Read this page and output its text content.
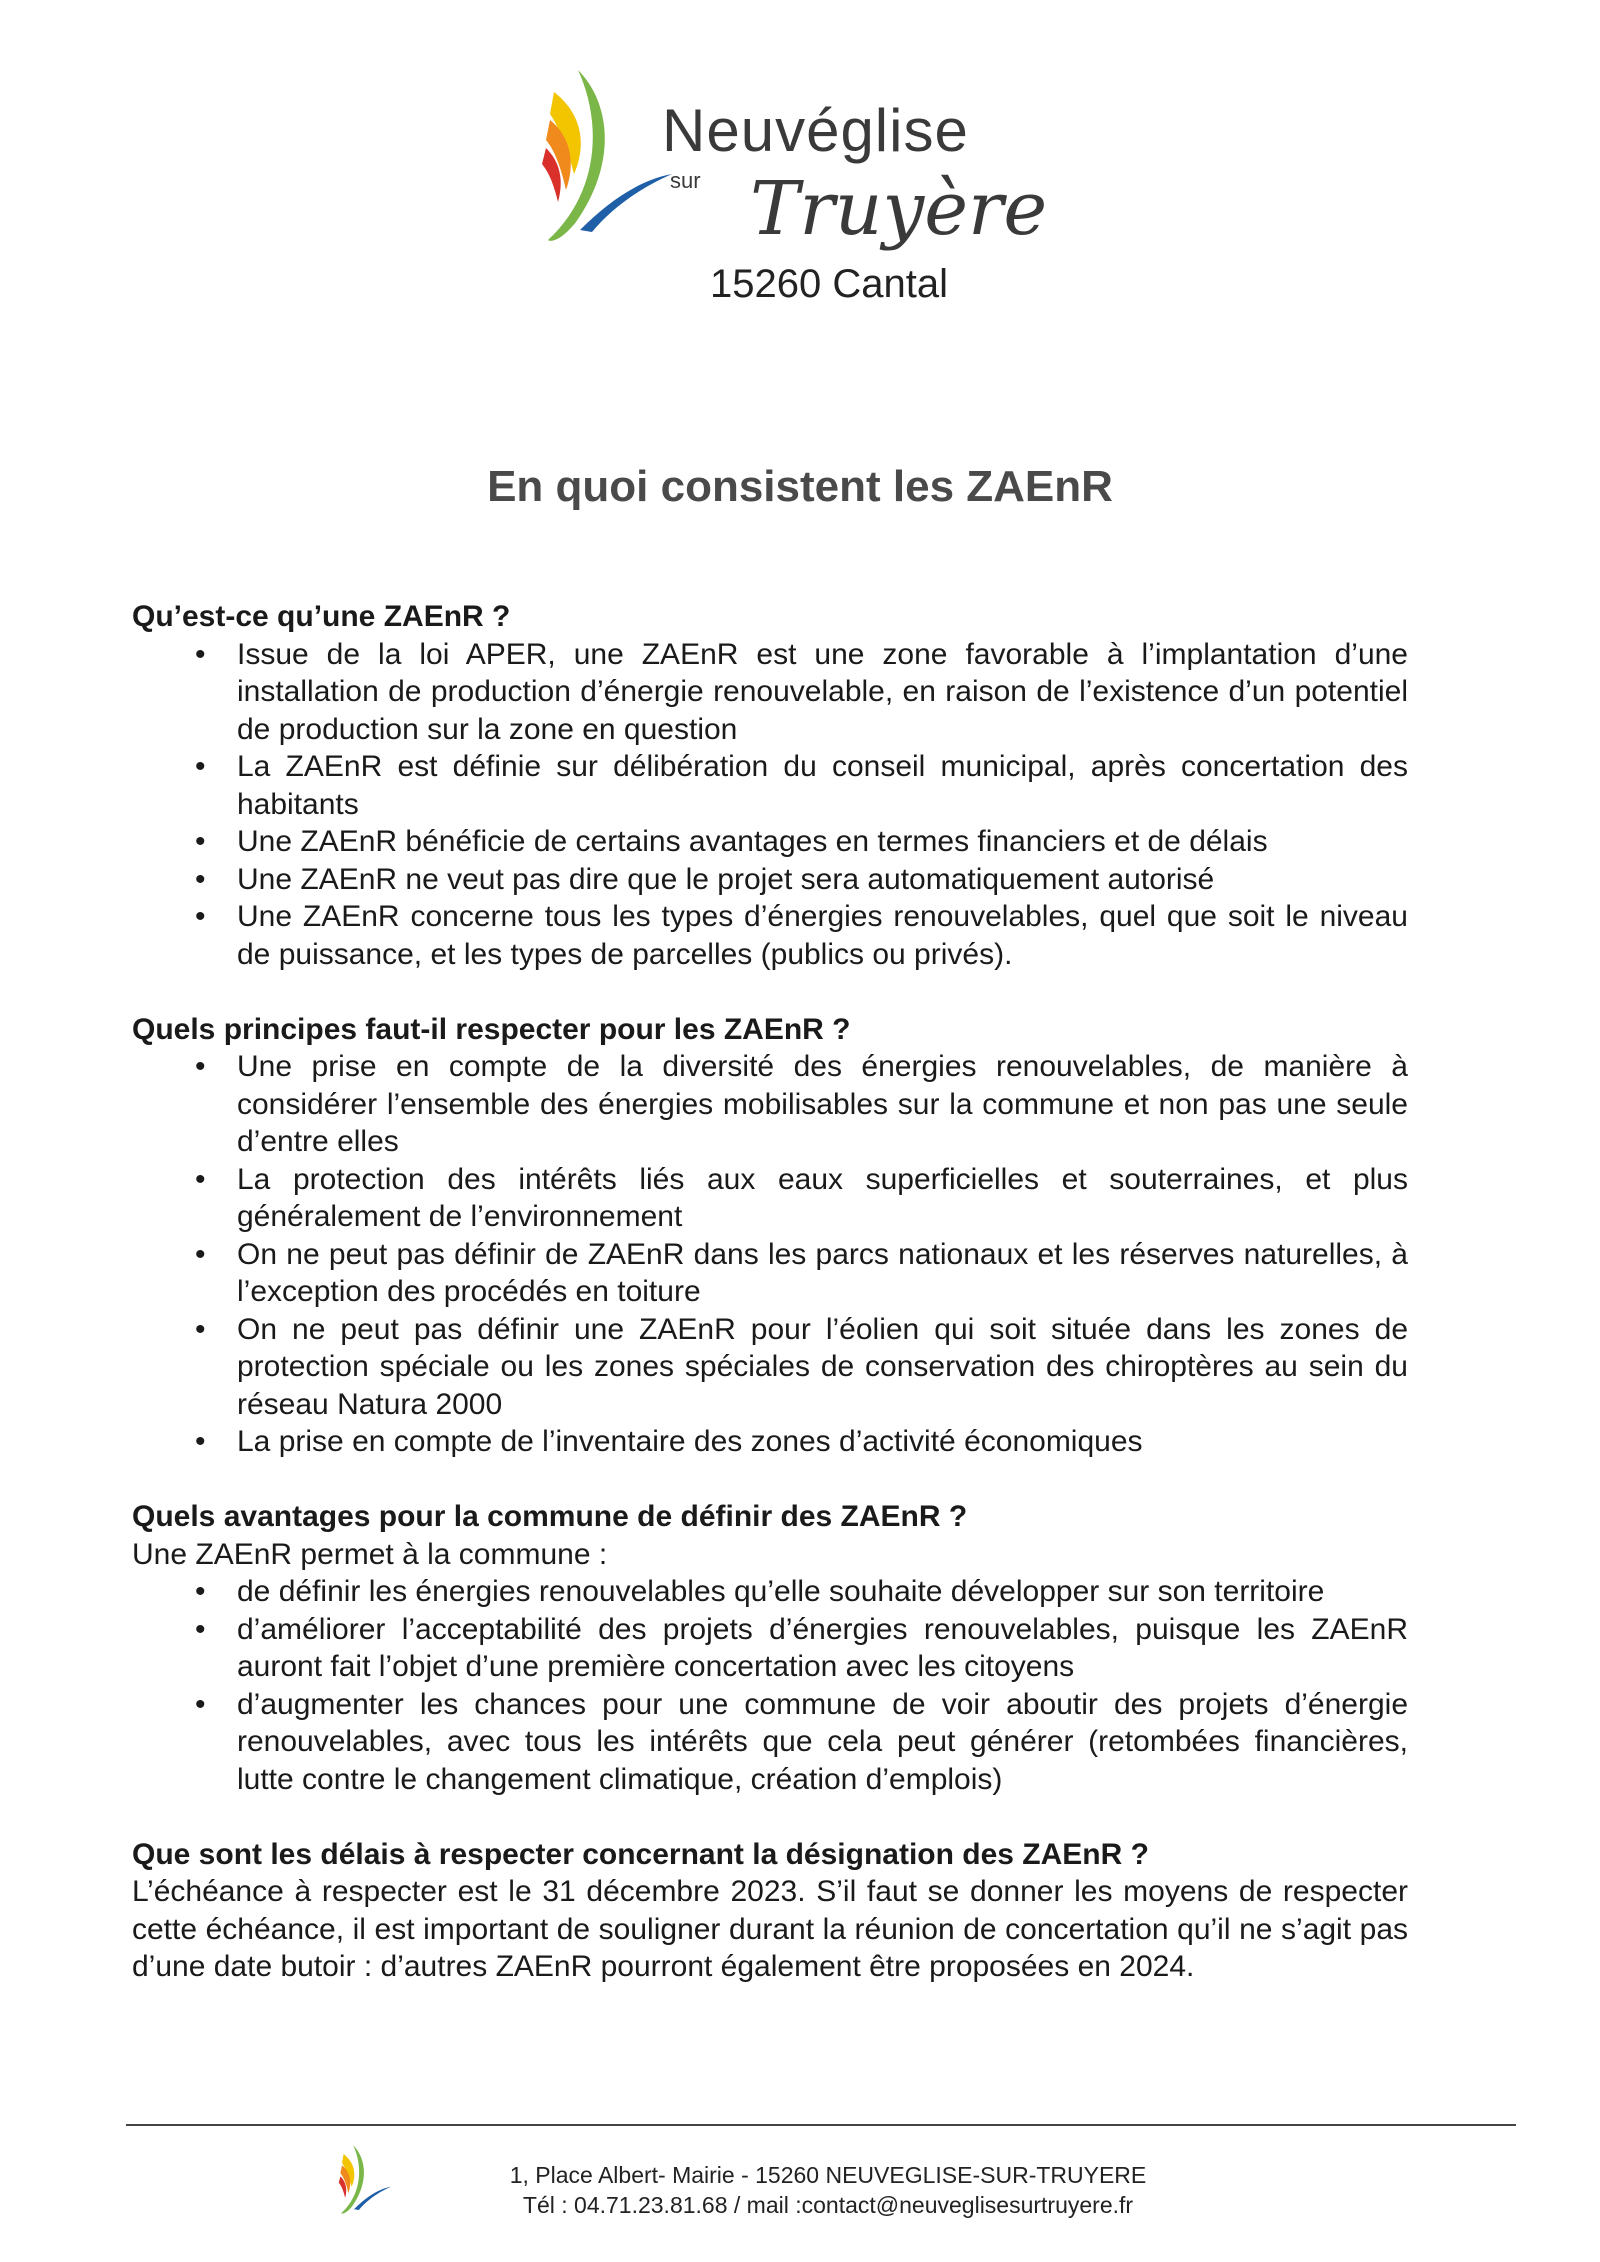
Neuvéglise
sur Truyère
15260 Cantal
En quoi consistent les ZAEnR
Qu’est-ce qu’une ZAEnR ?
• Issue de la loi APER, une ZAEnR est une zone favorable à l’implantation d’une installation de production d’énergie renouvelable, en raison de l’existence d’un potentiel de production sur la zone en question
• La ZAEnR est définie sur délibération du conseil municipal, après concertation des habitants
• Une ZAEnR bénéficie de certains avantages en termes financiers et de délais
• Une ZAEnR ne veut pas dire que le projet sera automatiquement autorisé
• Une ZAEnR concerne tous les types d’énergies renouvelables, quel que soit le niveau de puissance, et les types de parcelles (publics ou privés).
Quels principes faut-il respecter pour les ZAEnR ?
• Une prise en compte de la diversité des énergies renouvelables, de manière à considérer l’ensemble des énergies mobilisables sur la commune et non pas une seule d’entre elles
• La protection des intérêts liés aux eaux superficielles et souterraines, et plus généralement de l’environnement
• On ne peut pas définir de ZAEnR dans les parcs nationaux et les réserves naturelles, à l’exception des procédés en toiture
• On ne peut pas définir une ZAEnR pour l’éolien qui soit située dans les zones de protection spéciale ou les zones spéciales de conservation des chiroptères au sein du réseau Natura 2000
• La prise en compte de l’inventaire des zones d’activité économiques
Quels avantages pour la commune de définir des ZAEnR ?

Une ZAEnR permet à la commune :

• de définir les énergies renouvelables qu’elle souhaite développer sur son territoire
• d’améliorer l’acceptabilité des projets d’énergies renouvelables, puisque les ZAEnR auront fait l’objet d’une première concertation avec les citoyens
• d’augmenter les chances pour une commune de voir aboutir des projets d’énergie renouvelables, avec tous les intérêts que cela peut générer (retombées financières, lutte contre le changement climatique, création d’emplois)
Que sont les délais à respecter concernant la désignation des ZAEnR ?

L’échéance à respecter est le 31 décembre 2023. S’il faut se donner les moyens de respecter cette échéance, il est important de souligner durant la réunion de concertation qu’il ne s’agit pas d’une date butoir : d’autres ZAEnR pourront également être proposées en 2024.

1, Place Albert- Mairie - 15260 NEUVEGLISE-SUR-TRUYERE
Tél : 04.71.23.81.68 / mail :contact@neuveglisesurtruyere.fr
